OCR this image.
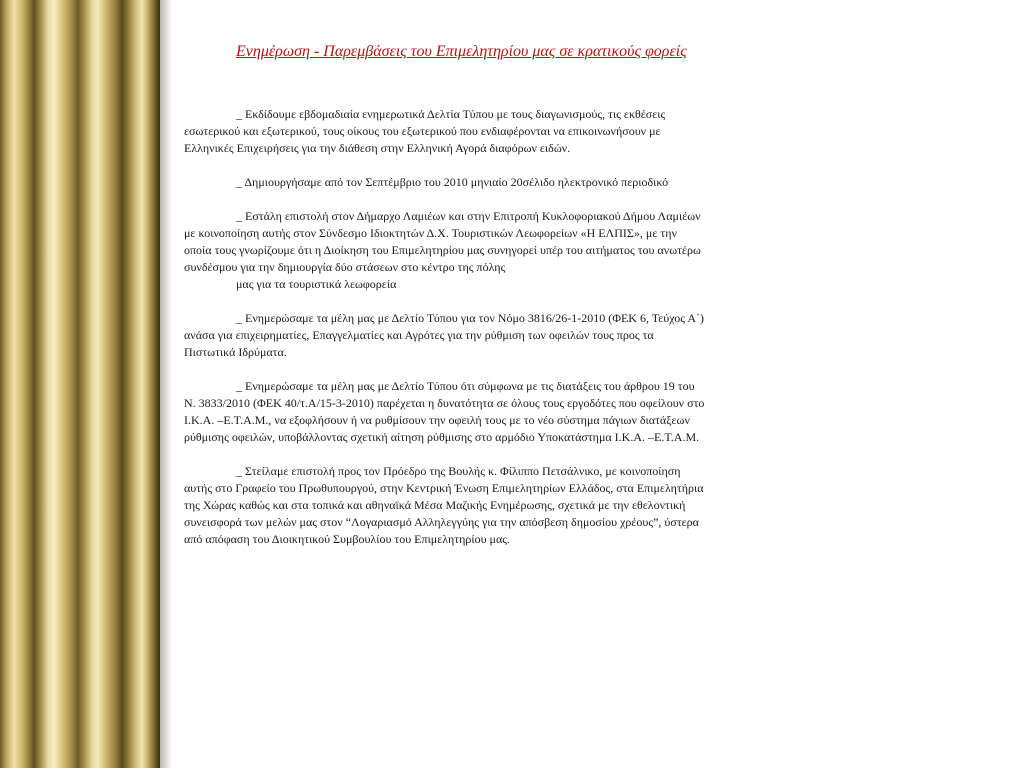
Ενημέρωση - Παρεμβάσεις του Επιμελητηρίου μας σε κρατικούς φορείς

_ Εκδίδουμε εβδομαδιαία ενημερωτικά Δελτία Τύπου με τους διαγωνισμούς, τις εκθέσεις εσωτερικού και εξωτερικού, τους οίκους του εξωτερικού που ενδιαφέρονται να επικοινωνήσουν με Ελληνικές Επιχειρήσεις για την διάθεση στην Ελληνική Αγορά διαφόρων ειδών.

_ Δημιουργήσαμε από τον Σεπτέμβριο του 2010 μηνιαίο 20σέλιδο ηλεκτρονικό περιοδικό

_ Εστάλη επιστολή στον Δήμαρχο Λαμιέων και στην Επιτροπή Κυκλοφοριακού Δήμου Λαμιέων με κοινοποίηση αυτής στον Σύνδεσμο Ιδιοκτητών Δ.Χ. Τουριστικών Λεωφορείων «Η ΕΛΠΙΣ», με την οποία τους γνωρίζουμε ότι η Διοίκηση του Επιμελητηρίου μας συνηγορεί υπέρ του αιτήματος του ανωτέρω συνδέσμου για την δημιουργία δύο στάσεων στο κέντρο της πόλης
μας για τα τουριστικά λεωφορεία

_ Ενημερώσαμε τα μέλη μας με Δελτίο Τύπου για τον Νόμο 3816/26-1-2010 (ΦΕΚ 6, Τεύχος Α΄) ανάσα για επιχειρηματίες, Επαγγελματίες και Αγρότες για την ρύθμιση των οφειλών τους προς τα Πιστωτικά Ιδρύματα.

_ Ενημερώσαμε τα μέλη μας με Δελτίο Τύπου ότι σύμφωνα με τις διατάξεις του άρθρου 19 του Ν. 3833/2010 (ΦΕΚ 40/τ.Α/15-3-2010) παρέχεται η δυνατότητα σε όλους τους εργοδότες που οφείλουν στο Ι.Κ.Α. –Ε.Τ.Α.Μ., να εξοφλήσουν ή να ρυθμίσουν την οφειλή τους με το νέο σύστημα πάγιων διατάξεων ρύθμισης οφειλών, υποβάλλοντας σχετική αίτηση ρύθμισης στο αρμόδιο Υποκατάστημα Ι.Κ.Α. –Ε.Τ.Α.Μ.

_ Στείλαμε επιστολή προς τον Πρόεδρο της Βουλής κ. Φίλιππο Πετσάλνικο, με κοινοποίηση αυτής στο Γραφείο του Πρωθυπουργού, στην Κεντρική Ένωση Επιμελητηρίων Ελλάδος, στα Επιμελητήρια της Χώρας καθώς και στα τοπικά και αθηναϊκά Μέσα Μαζικής Ενημέρωσης, σχετικά με την εθελοντική συνεισφορά των μελών μας στον “Λογαριασμό Αλληλεγγύης για την απόσβεση δημοσίου χρέους”, ύστερα από απόφαση του Διοικητικού Συμβουλίου του Επιμελητηρίου μας.
